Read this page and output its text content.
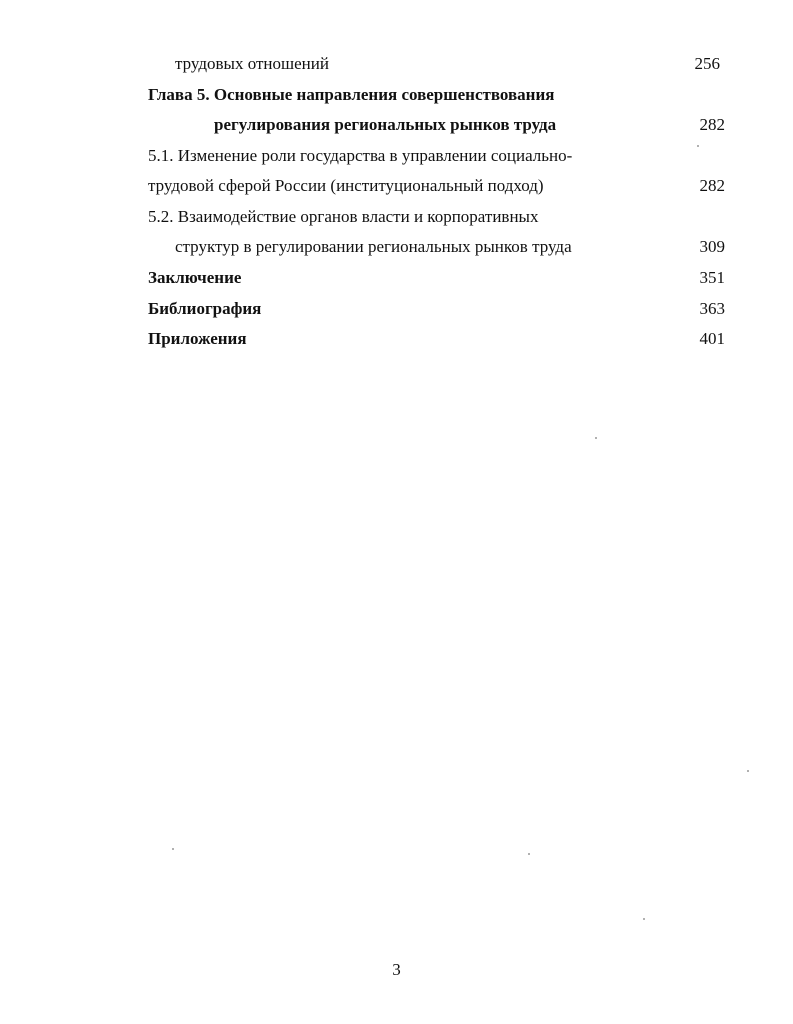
трудовых отношений	256
Глава 5. Основные направления совершенствования
регулирования региональных рынков труда	282
5.1. Изменение роли государства в управлении социально-
трудовой сферой России (институциональный подход)	282
5.2. Взаимодействие органов власти и корпоративных
структур в регулировании региональных рынков труда	309
Заключение	351
Библиография	363
Приложения	401
3
